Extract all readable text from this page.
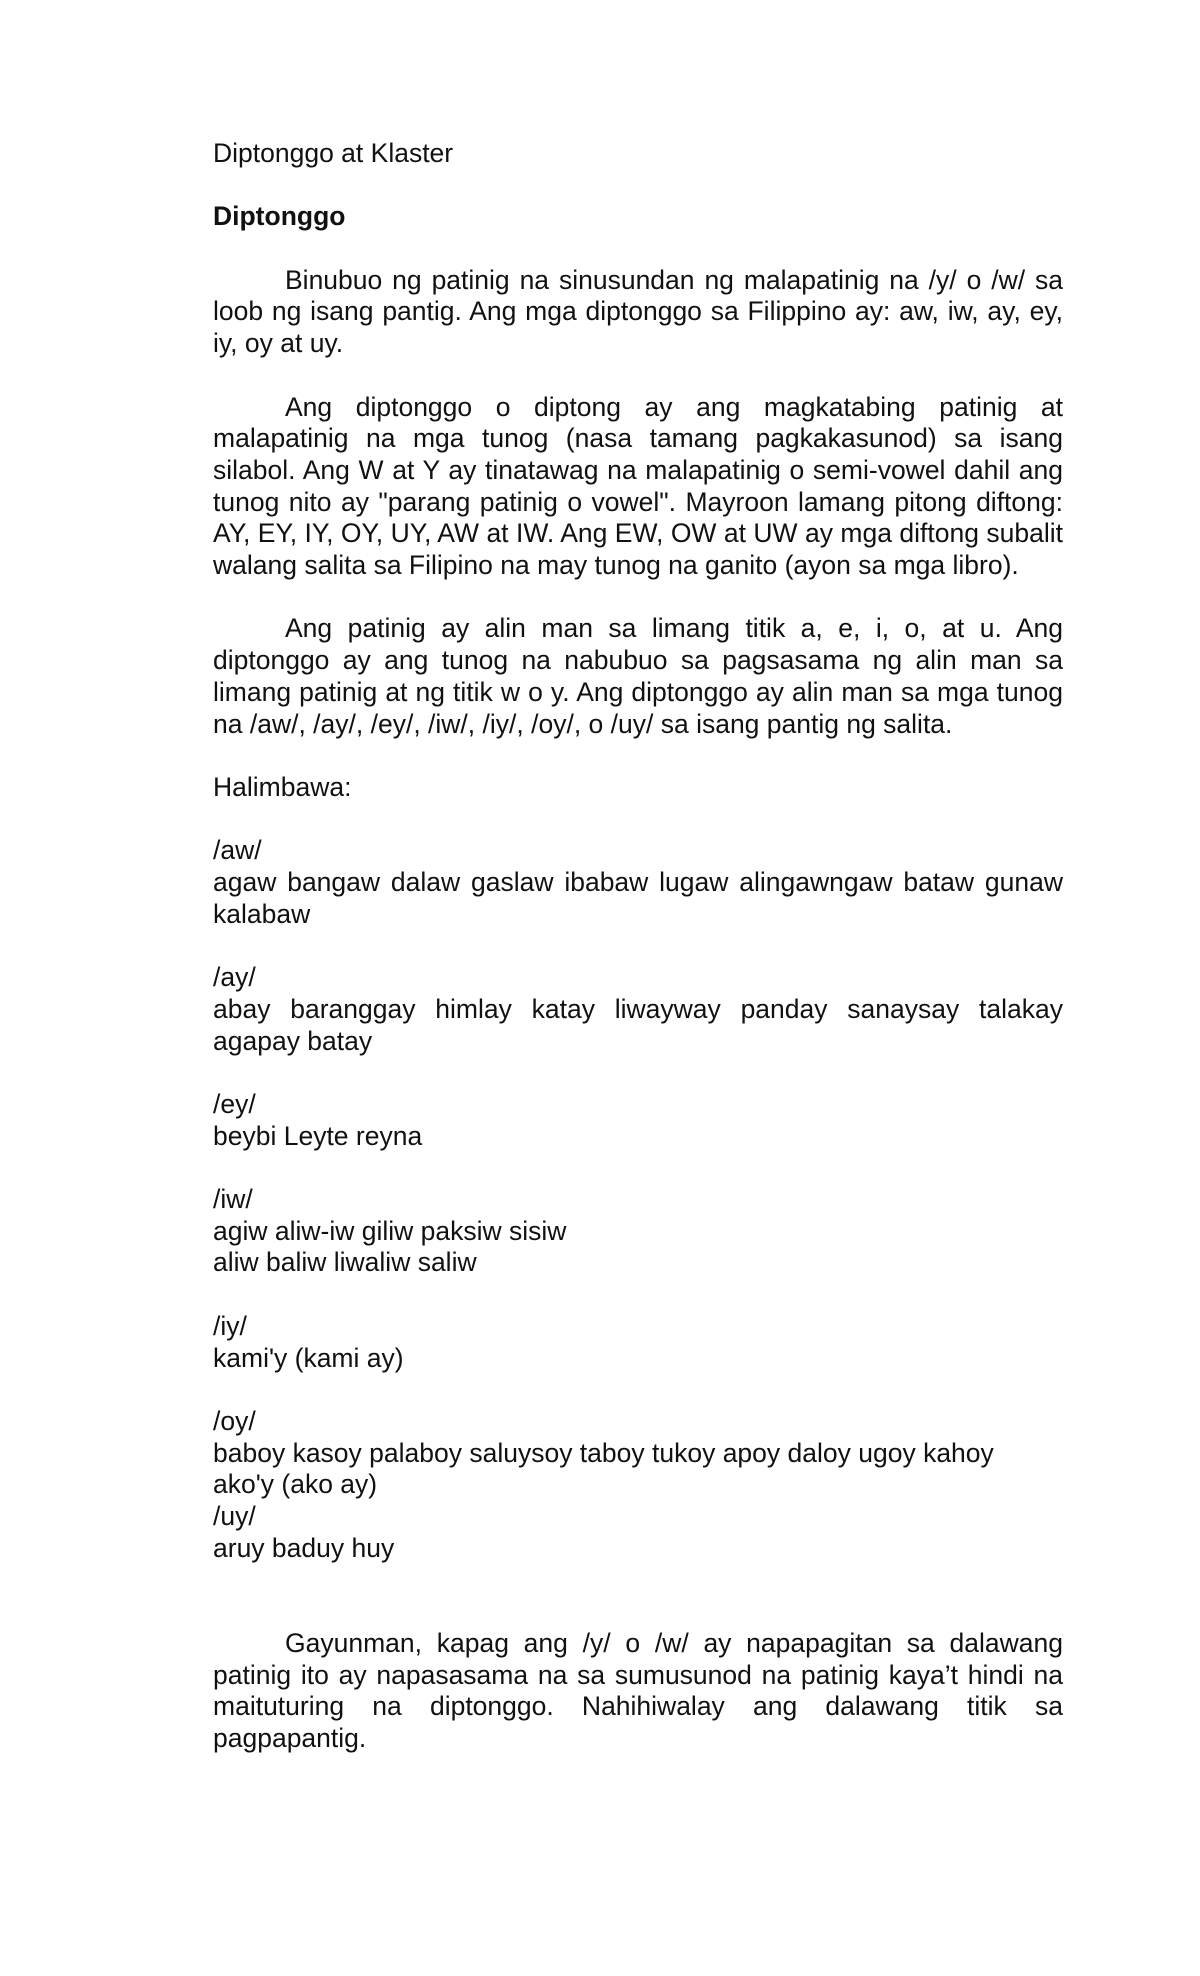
Diptonggo at Klaster

Diptonggo

Binubuo ng patinig na sinusundan ng malapatinig na /y/ o /w/ sa loob ng isang pantig. Ang mga diptonggo sa Filippino ay: aw, iw, ay, ey, iy, oy at uy.

Ang diptonggo o diptong ay ang magkatabing patinig at malapatinig na mga tunog (nasa tamang pagkakasunod) sa isang silabol. Ang W at Y ay tinatawag na malapatinig o semi-vowel dahil ang tunog nito ay "parang patinig o vowel". Mayroon lamang pitong diftong: AY, EY, IY, OY, UY, AW at IW. Ang EW, OW at UW ay mga diftong subalit walang salita sa Filipino na may tunog na ganito (ayon sa mga libro).

Ang patinig ay alin man sa limang titik a, e, i, o, at u. Ang diptonggo ay ang tunog na nabubuo sa pagsasama ng alin man sa limang patinig at ng titik w o y. Ang diptonggo ay alin man sa mga tunog na /aw/, /ay/, /ey/, /iw/, /iy/, /oy/, o /uy/ sa isang pantig ng salita.

Halimbawa:

/aw/

agaw bangaw dalaw gaslaw ibabaw lugaw alingawngaw bataw gunaw kalabaw

/ay/

abay baranggay himlay katay liwayway panday sanaysay talakay agapay batay

/ey/

beybi Leyte reyna

/iw/

agiw aliw-iw giliw paksiw sisiw

aliw baliw liwaliw saliw

/iy/

kami'y (kami ay)

/oy/

baboy kasoy palaboy saluysoy taboy tukoy apoy daloy ugoy kahoy

ako'y (ako ay)

/uy/

aruy baduy huy

Gayunman, kapag ang /y/ o /w/ ay napapagitan sa dalawang patinig ito ay napasasama na sa sumusunod na patinig kaya’t hindi na maituturing na diptonggo. Nahihiwalay ang dalawang titik sa pagpapantig.
